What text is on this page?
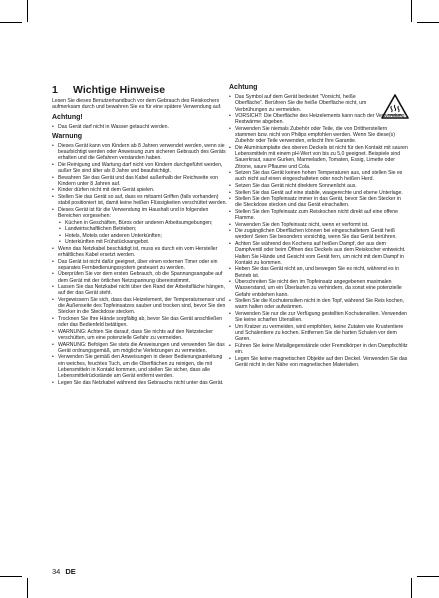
1 Wichtige Hinweise

Lesen Sie dieses Benutzerhandbuch vor dem Gebrauch des Reiskochers aufmerksam durch und bewahren Sie es für eine spätere Verwendung auf.

Achtung!
• Das Gerät darf nicht in Wasser getaucht werden.
Warnung
• Dieses Gerät kann von Kindern ab 8 Jahren verwendet werden, wenn sie beaufsichtigt werden oder Anweisung zum sicheren Gebrauch des Geräts erhalten und die Gefahren verstanden haben.
• Die Reinigung und Wartung darf nicht von Kindern durchgeführt werden, außer Sie sind älter als 8 Jahre und beaufsichtigt.
• Bewahren Sie das Gerät und das Kabel außerhalb der Reichweite von Kindern unter 8 Jahren auf.
• Kinder dürfen nicht mit dem Gerät spielen.
• Stellen Sie das Gerät so auf, dass es mitsamt Griffen (falls vorhanden) stabil positioniert ist, damit keine heißen Flüssigkeiten verschüttet werden.
• Dieses Gerät ist für die Verwendung im Haushalt und in folgenden Bereichen vorgesehen:
• Küchen in Geschäften, Büros oder anderen Arbeitsumgebungen;
• Landwirtschaftlichen Betrieben;
• Hotels, Motels oder anderen Unterkünften;
• Unterkünften mit Frühstücksangebot.
• Wenn das Netzkabel beschädigt ist, muss es durch ein vom Hersteller erhältliches Kabel ersetzt werden.
• Das Gerät ist nicht dafür geeignet, über einen externen Timer oder ein separates Fernbedienungssystem gesteuert zu werden.
• Überprüfen Sie vor dem ersten Gebrauch, ob die Spannungsangabe auf dem Gerät mit der örtlichen Netzspannung übereinstimmt.
• Lassen Sie das Netzkabel nicht über den Rand der Arbeitsfläche hängen, auf der das Gerät steht.
• Vergewissern Sie sich, dass das Heizelement, der Temperatursensor und die Außenseite des Topfeinsatzes sauber und trocken sind, bevor Sie den Stecker in die Steckdose stecken.
• Trocknen Sie Ihre Hände sorgfältig ab, bevor Sie das Gerät anschließen oder das Bedienfeld betätigen.
• WARNUNG: Achten Sie darauf, dass Sie nichts auf den Netzstecker verschütten, um eine potenzielle Gefahr zu vermeiden.
• WARNUNG: Befolgen Sie stets die Anweisungen und verwenden Sie das Gerät ordnungsgemäß, um mögliche Verletzungen zu vermeiden.
• Verwenden Sie gemäß den Anweisungen in dieser Bedienungsanleitung ein weiches, feuchtes Tuch, um die Oberflächen zu reinigen, die mit Lebensmitteln in Kontakt kommen, und stellen Sie sicher, dass alle Lebensmittelrückstände am Gerät entfernt werden.
• Legen Sie das Netzkabel während des Gebrauchs nicht unter das Gerät.
Achtung
• Das Symbol auf dem Gerät bedeutet "Vorsicht, heiße Oberfläche". Berühren Sie die heiße Oberfläche nicht, um Verbrühungen zu vermeiden.
• VORSICHT: Die Oberfläche des Heizelements kann nach der Verwendung Restwärme abgeben.
• Verwenden Sie niemals Zubehör oder Teile, die von Drittherstellern stammen bzw. nicht von Philips empfohlen werden. Wenn Sie diese(s) Zubehör oder Teile verwenden, erlischt Ihre Garantie.
• Die Aluminiumplatte des oberen Deckels ist nicht für den Kontakt mit sauren Lebensmitteln mit einem pH-Wert von bis zu 5,0 geeignet. Beispiele sind Sauerkraut, saure Gurken, Marmeladen, Tomaten, Essig, Limette oder Zitrone, saure Pflaume und Cola.
• Setzen Sie das Gerät keinen hohen Temperaturen aus, und stellen Sie es auch nicht auf einen eingeschalteten oder noch heißen Herd.
• Setzen Sie das Gerät nicht direktem Sonnenlicht aus.
• Stellen Sie das Gerät auf eine stabile, waagerechte und ebene Unterlage.
• Stellen Sie den Topfeinsatz immer in das Gerät, bevor Sie den Stecker in die Steckdose stecken und das Gerät einschalten.
• Stellen Sie den Topfeinsatz zum Reiskochen nicht direkt auf eine offene Flamme.
• Verwenden Sie den Topfeinsatz nicht, wenn er verformt ist.
• Die zugänglichen Oberflächen können bei eingeschaltetem Gerät heiß werden! Seien Sie besonders vorsichtig, wenn Sie das Gerät berühren.
• Achten Sie während des Kochens auf heißen Dampf, der aus dem Dampfventil oder beim Öffnen des Deckels aus dem Reiskocher entweicht. Halten Sie Hände und Gesicht vom Gerät fern, um nicht mit dem Dampf in Kontakt zu kommen.
• Heben Sie das Gerät nicht an, und bewegen Sie es nicht, während es in Betrieb ist.
• Überschreiten Sie nicht den im Topfeinsatz angegebenen maximalen Wasserstand, um ein Überlaufen zu verhindern, da sonst eine potenzielle Gefahr entstehen kann.
• Stellen Sie die Kochutensilien nicht in den Topf, während Sie Reis kochen, warm halten oder aufwärmen.
• Verwenden Sie nur die zur Verfügung gestellten Kochutensilien. Verwenden Sie keine scharfen Utensilien.
• Um Kratzer zu vermeiden, wird empfohlen, keine Zutaten wie Krustentiere und Schalentiere zu kochen. Entfernen Sie die harten Schalen vor dem Garen.
• Führen Sie keine Metallgegenstände oder Fremdkörper in den Dampfschlitz ein.
• Legen Sie keine magnetischen Objekte auf den Deckel. Verwenden Sie das Gerät nicht in der Nähe von magnetischen Materialien.
34 DE
